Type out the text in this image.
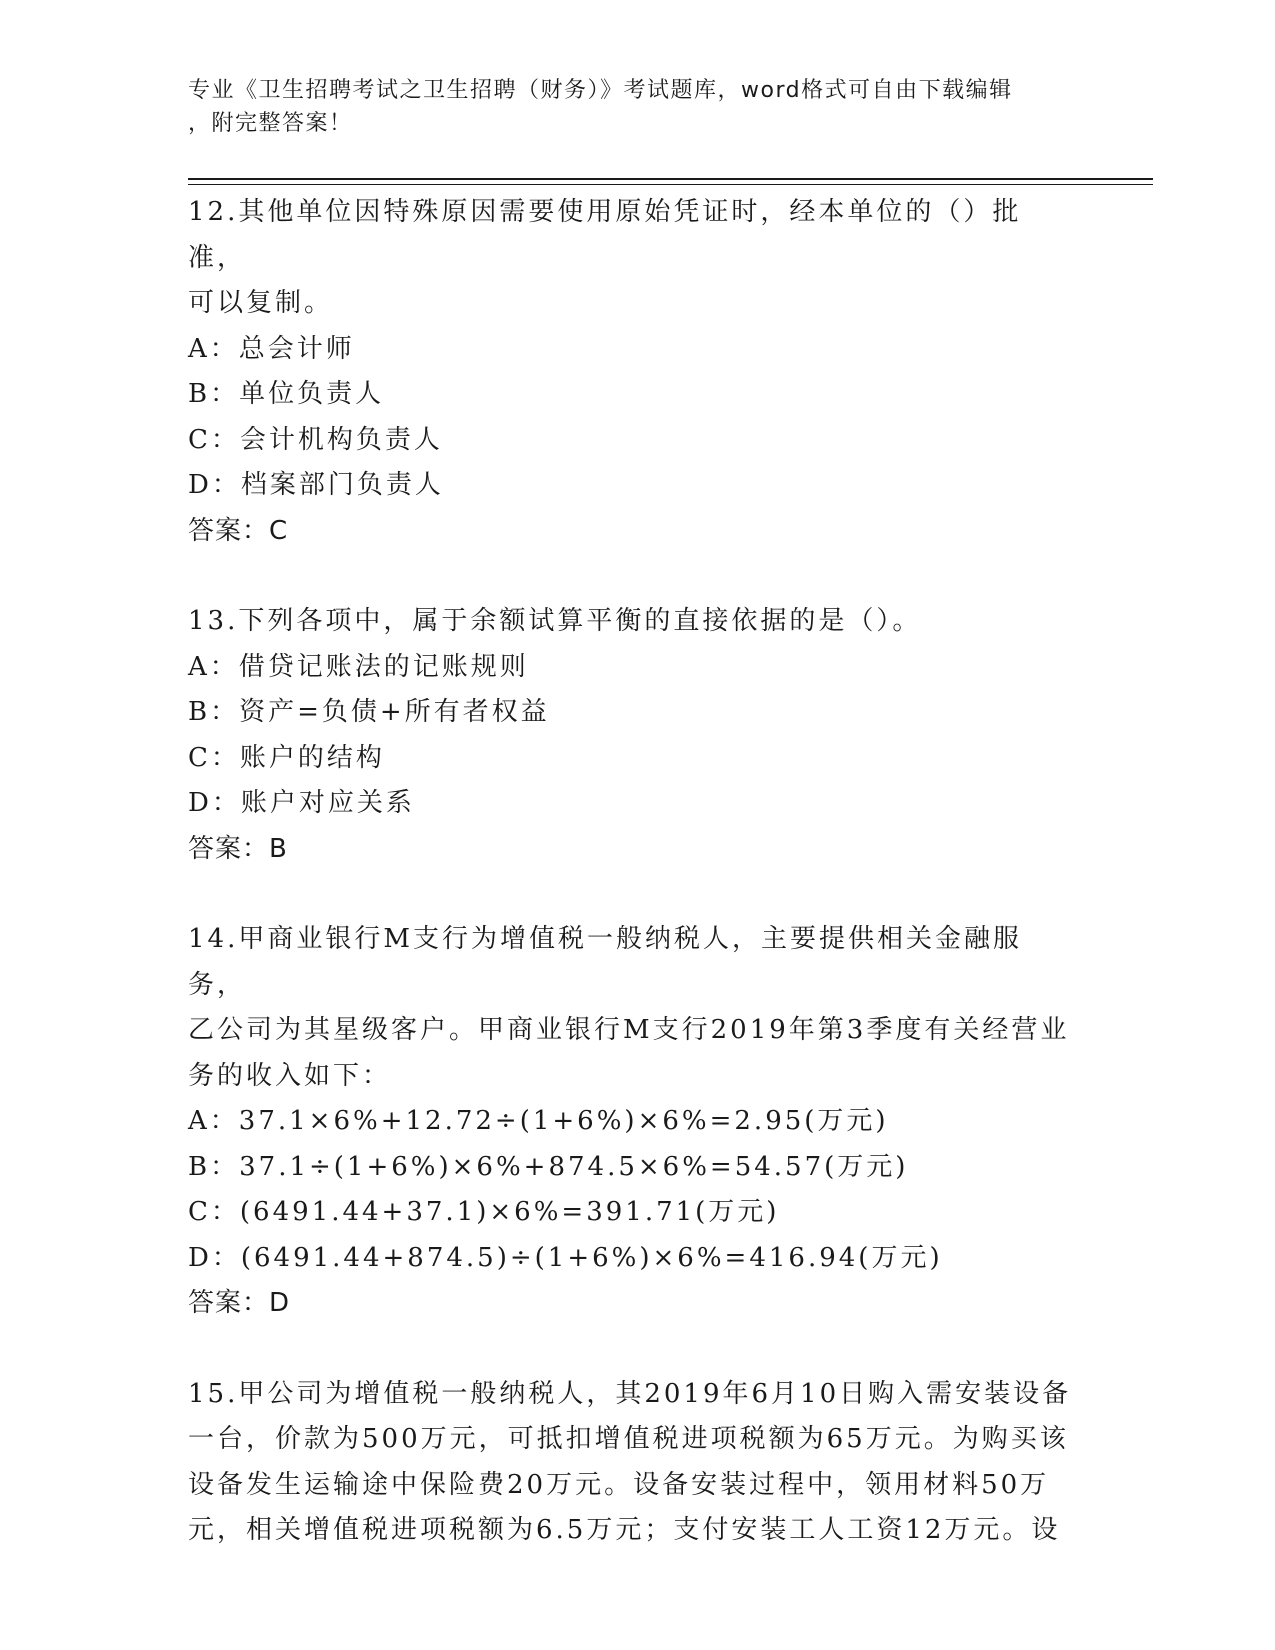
专业《卫生招聘考试之卫生招聘（财务）》考试题库，word格式可自由下载编辑
，附完整答案！
12.其他单位因特殊原因需要使用原始凭证时，经本单位的（）批准，
可以复制。
A：总会计师
B：单位负责人
C：会计机构负责人
D：档案部门负责人
答案：C
13.下列各项中，属于余额试算平衡的直接依据的是（）。
A：借贷记账法的记账规则
B：资产=负债+所有者权益
C：账户的结构
D：账户对应关系
答案：B
14.甲商业银行M支行为增值税一般纳税人，主要提供相关金融服务，
乙公司为其星级客户。甲商业银行M支行2019年第3季度有关经营业
务的收入如下：
A：37.1×6%+12.72÷(1+6%)×6%=2.95(万元)
B：37.1÷(1+6%)×6%+874.5×6%=54.57(万元)
C：(6491.44+37.1)×6%=391.71(万元)
D：(6491.44+874.5)÷(1+6%)×6%=416.94(万元)
答案：D
15.甲公司为增值税一般纳税人，其2019年6月10日购入需安装设备
一台，价款为500万元，可抵扣增值税进项税额为65万元。为购买该
设备发生运输途中保险费20万元。设备安装过程中，领用材料50万
元，相关增值税进项税额为6.5万元；支付安装工人工资12万元。设
